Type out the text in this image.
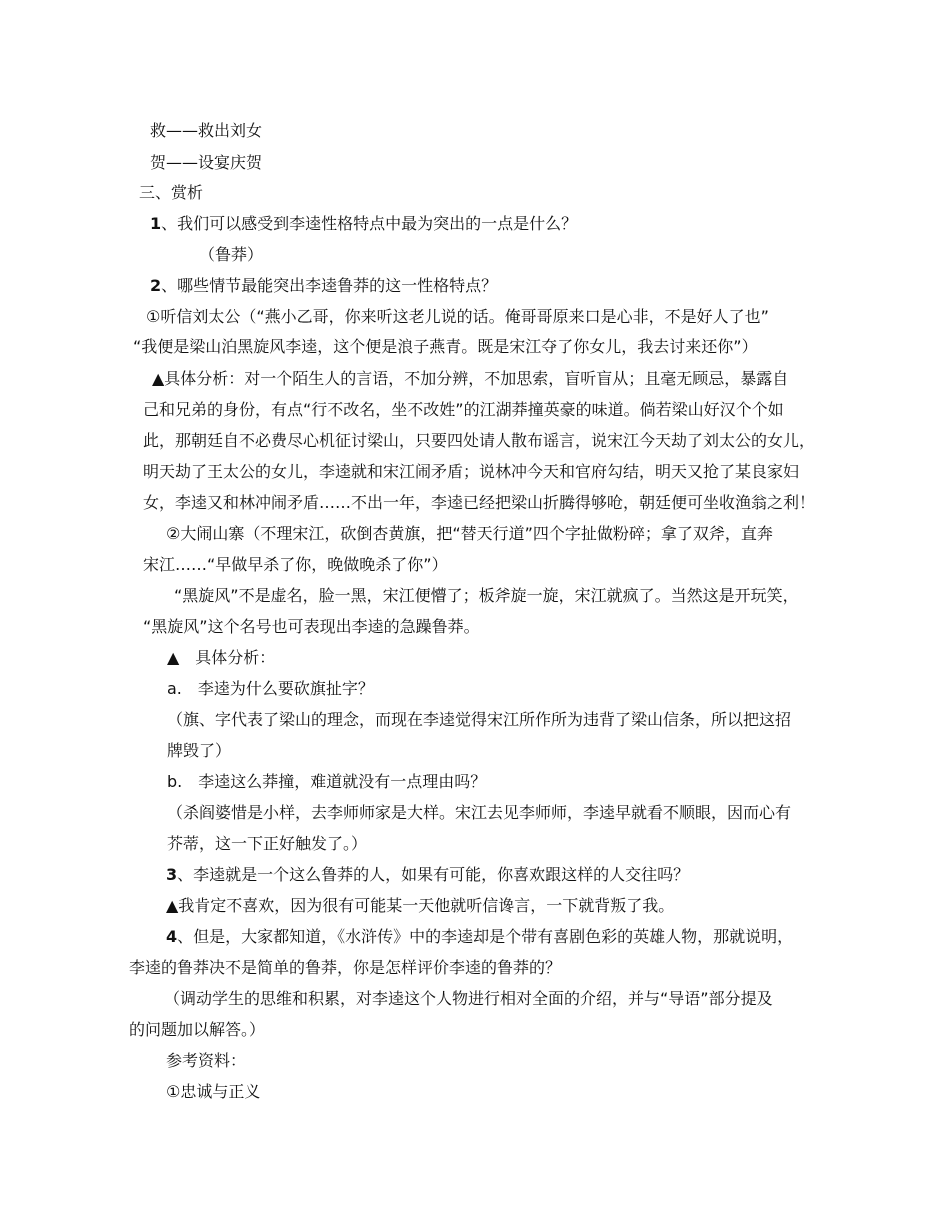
救——救出刘女
贺——设宴庆贺
三、赏析
1、我们可以感受到李逵性格特点中最为突出的一点是什么？
（鲁莽）
2、哪些情节最能突出李逵鲁莽的这一性格特点？
①听信刘太公（“燕小乙哥，你来听这老儿说的话。俺哥哥原来口是心非，不是好人了也”
“我便是梁山泊黑旋风李逵，这个便是浪子燕青。既是宋江夺了你女儿，我去讨来还你”）
▲具体分析：对一个陌生人的言语，不加分辨，不加思索，盲听盲从；且毫无顾忌，暴露自
己和兄弟的身份，有点“行不改名，坐不改姓”的江湖莽撞英豪的味道。倘若梁山好汉个个如
此，那朝廷自不必费尽心机征讨梁山，只要四处请人散布谣言，说宋江今天劫了刘太公的女儿，
明天劫了王太公的女儿，李逵就和宋江闹矛盾；说林冲今天和官府勾结，明天又抢了某良家妇
女，李逵又和林冲闹矛盾……不出一年，李逵已经把梁山折腾得够呛，朝廷便可坐收渔翁之利！
②大闹山寨（不理宋江，砍倒杏黄旗，把“替天行道”四个字扯做粉碎；拿了双斧，直奔
宋江……“早做早杀了你，晚做晚杀了你”）
“黑旋风”不是虚名，脸一黑，宋江便懵了；板斧旋一旋，宋江就疯了。当然这是开玩笑，
“黑旋风”这个名号也可表现出李逵的急躁鲁莽。
▲　具体分析：
a.　李逵为什么要砍旗扯字？
（旗、字代表了梁山的理念，而现在李逵觉得宋江所作所为违背了梁山信条，所以把这招
牌毁了）
b.　李逵这么莽撞，难道就没有一点理由吗？
（杀阎婆惜是小样，去李师师家是大样。宋江去见李师师，李逵早就看不顺眼，因而心有
芥蒂，这一下正好触发了。）
3、李逵就是一个这么鲁莽的人，如果有可能，你喜欢跟这样的人交往吗？
▲我肯定不喜欢，因为很有可能某一天他就听信谗言，一下就背叛了我。
4、但是，大家都知道，《水浒传》中的李逵却是个带有喜剧色彩的英雄人物，那就说明，
李逵的鲁莽决不是简单的鲁莽，你是怎样评价李逵的鲁莽的？
（调动学生的思维和积累，对李逵这个人物进行相对全面的介绍，并与“导语”部分提及
的问题加以解答。）
参考资料：
①忠诚与正义
